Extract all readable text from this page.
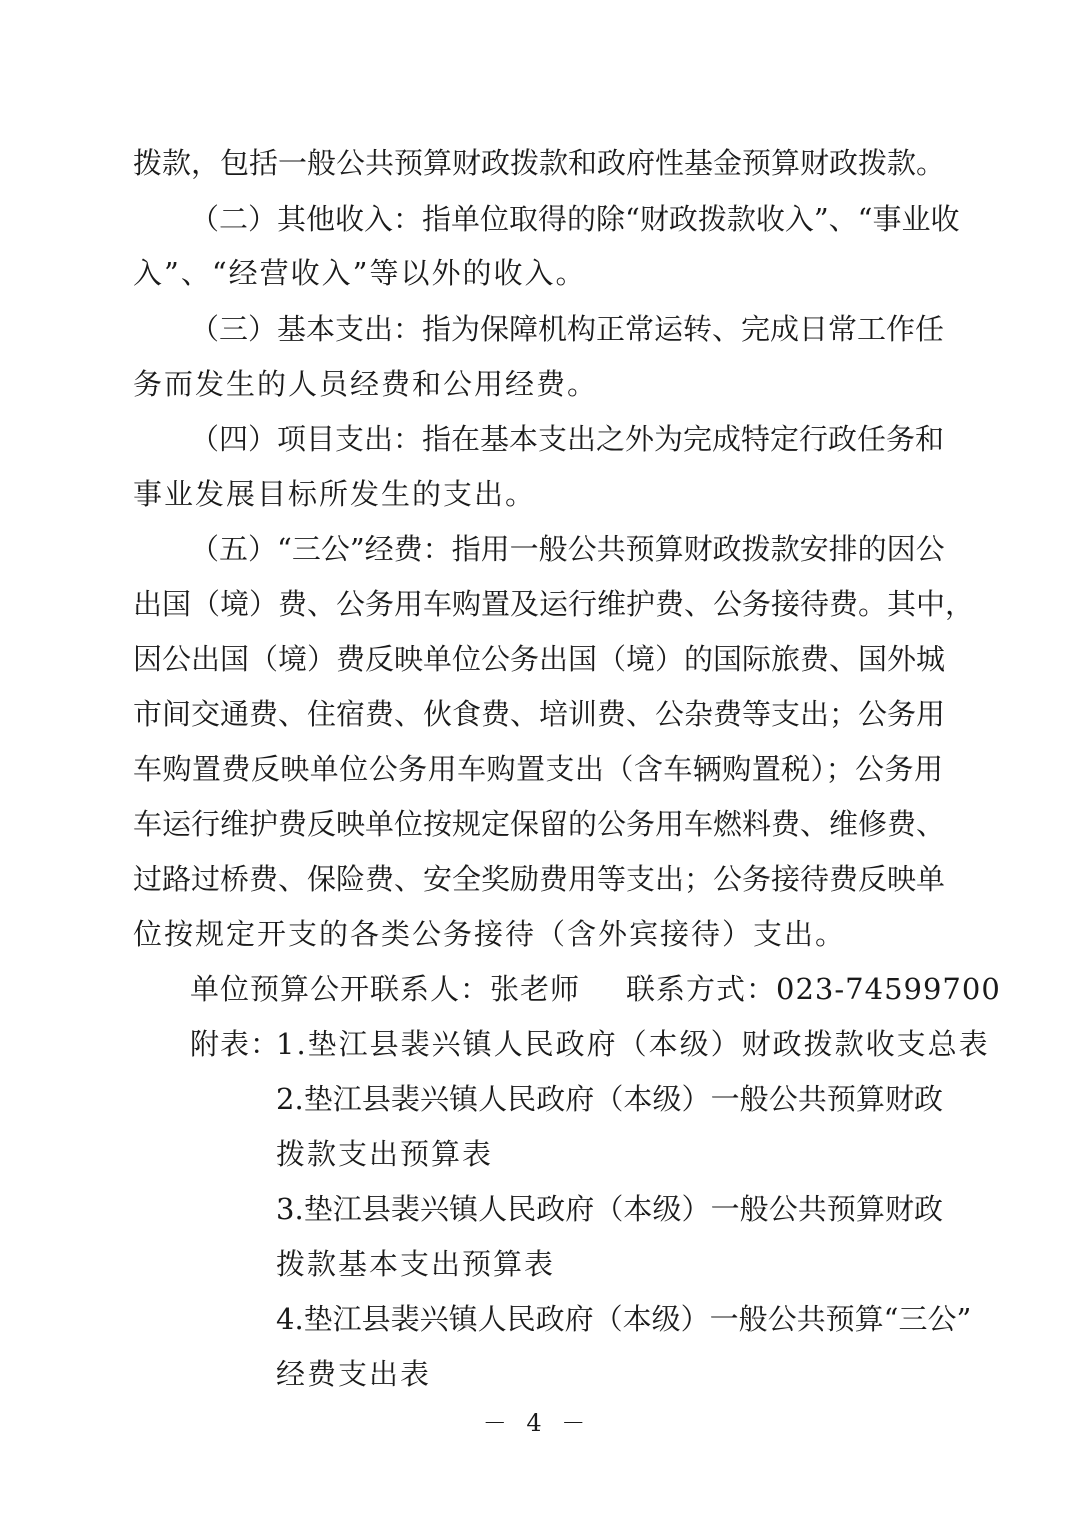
拨款，包括一般公共预算财政拨款和政府性基金预算财政拨款。
（二）其他收入：指单位取得的除“财政拨款收入”、“事业收
入”、“经营收入”等以外的收入。
（三）基本支出：指为保障机构正常运转、完成日常工作任
务而发生的人员经费和公用经费。
（四）项目支出：指在基本支出之外为完成特定行政任务和
事业发展目标所发生的支出。
（五）“三公”经费：指用一般公共预算财政拨款安排的因公
出国（境）费、公务用车购置及运行维护费、公务接待费。其中，
因公出国（境）费反映单位公务出国（境）的国际旅费、国外城
市间交通费、住宿费、伙食费、培训费、公杂费等支出；公务用
车购置费反映单位公务用车购置支出（含车辆购置税）；公务用
车运行维护费反映单位按规定保留的公务用车燃料费、维修费、
过路过桥费、保险费、安全奖励费用等支出；公务接待费反映单
位按规定开支的各类公务接待（含外宾接待）支出。
单位预算公开联系人：张老师 联系方式：023-74599700
附表：
1.垫江县裴兴镇人民政府（本级）财政拨款收支总表
2.垫江县裴兴镇人民政府（本级）一般公共预算财政
拨款支出预算表
3.垫江县裴兴镇人民政府（本级）一般公共预算财政
拨款基本支出预算表
4.垫江县裴兴镇人民政府（本级）一般公共预算“三公”
经费支出表
－ 4 －
